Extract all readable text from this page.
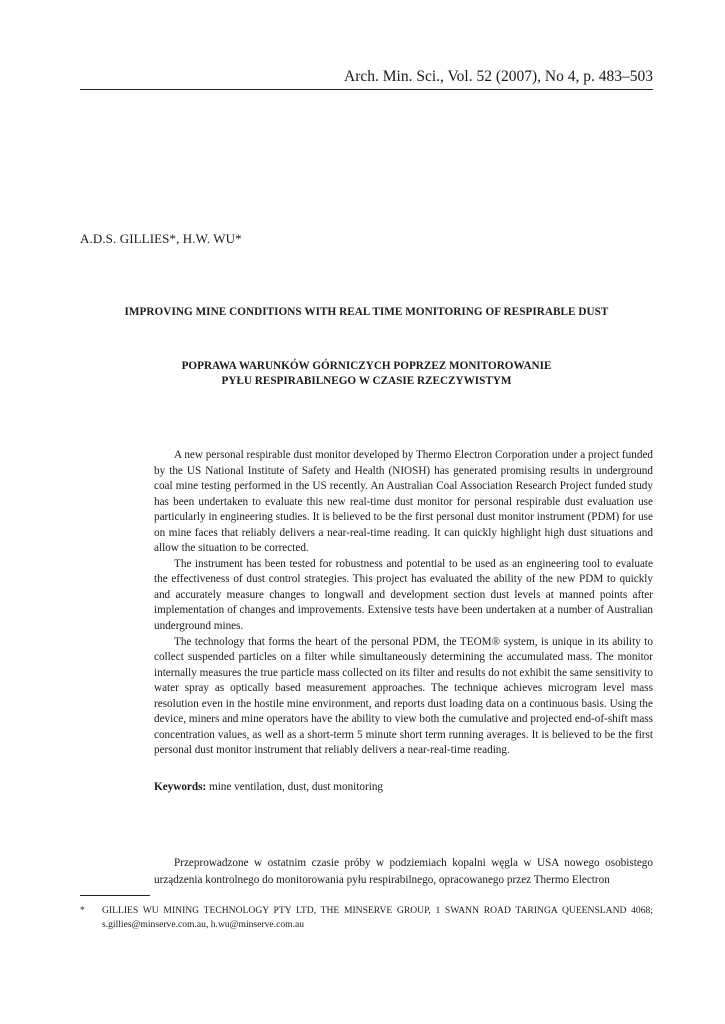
Arch. Min. Sci., Vol. 52 (2007), No 4, p. 483–503
A.D.S. GILLIES*, H.W. WU*
IMPROVING MINE CONDITIONS WITH REAL TIME MONITORING OF RESPIRABLE DUST
POPRAWA WARUNKÓW GÓRNICZYCH POPRZEZ MONITOROWANIE
PYŁU RESPIRABILNEGO W CZASIE RZECZYWISTYM

A new personal respirable dust monitor developed by Thermo Electron Corporation under a project funded by the US National Institute of Safety and Health (NIOSH) has generated promising results in underground coal mine testing performed in the US recently. An Australian Coal Association Research Project funded study has been undertaken to evaluate this new real-time dust monitor for personal respirable dust evaluation use particularly in engineering studies. It is believed to be the first personal dust monitor instrument (PDM) for use on mine faces that reliably delivers a near-real-time reading. It can quickly highlight high dust situations and allow the situation to be corrected.

The instrument has been tested for robustness and potential to be used as an engineering tool to evaluate the effectiveness of dust control strategies. This project has evaluated the ability of the new PDM to quickly and accurately measure changes to longwall and development section dust levels at manned points after implementation of changes and improvements. Extensive tests have been undertaken at a number of Australian underground mines.

The technology that forms the heart of the personal PDM, the TEOM® system, is unique in its ability to collect suspended particles on a filter while simultaneously determining the accumulated mass. The monitor internally measures the true particle mass collected on its filter and results do not exhibit the same sensitivity to water spray as optically based measurement approaches. The technique achieves microgram level mass resolution even in the hostile mine environment, and reports dust loading data on a continuous basis. Using the device, miners and mine operators have the ability to view both the cumulative and projected end-of-shift mass concentration values, as well as a short-term 5 minute short term running averages. It is believed to be the first personal dust monitor instrument that reliably delivers a near-real-time reading.

Keywords: mine ventilation, dust, dust monitoring

Przeprowadzone w ostatnim czasie próby w podziemiach kopalni węgla w USA nowego osobistego urządzenia kontrolnego do monitorowania pyłu respirabilnego, opracowanego przez Thermo Electron

* GILLIES WU MINING TECHNOLOGY PTY LTD, THE MINSERVE GROUP, 1 SWANN ROAD TARINGA QUEENSLAND 4068; s.gillies@minserve.com.au, h.wu@minserve.com.au
